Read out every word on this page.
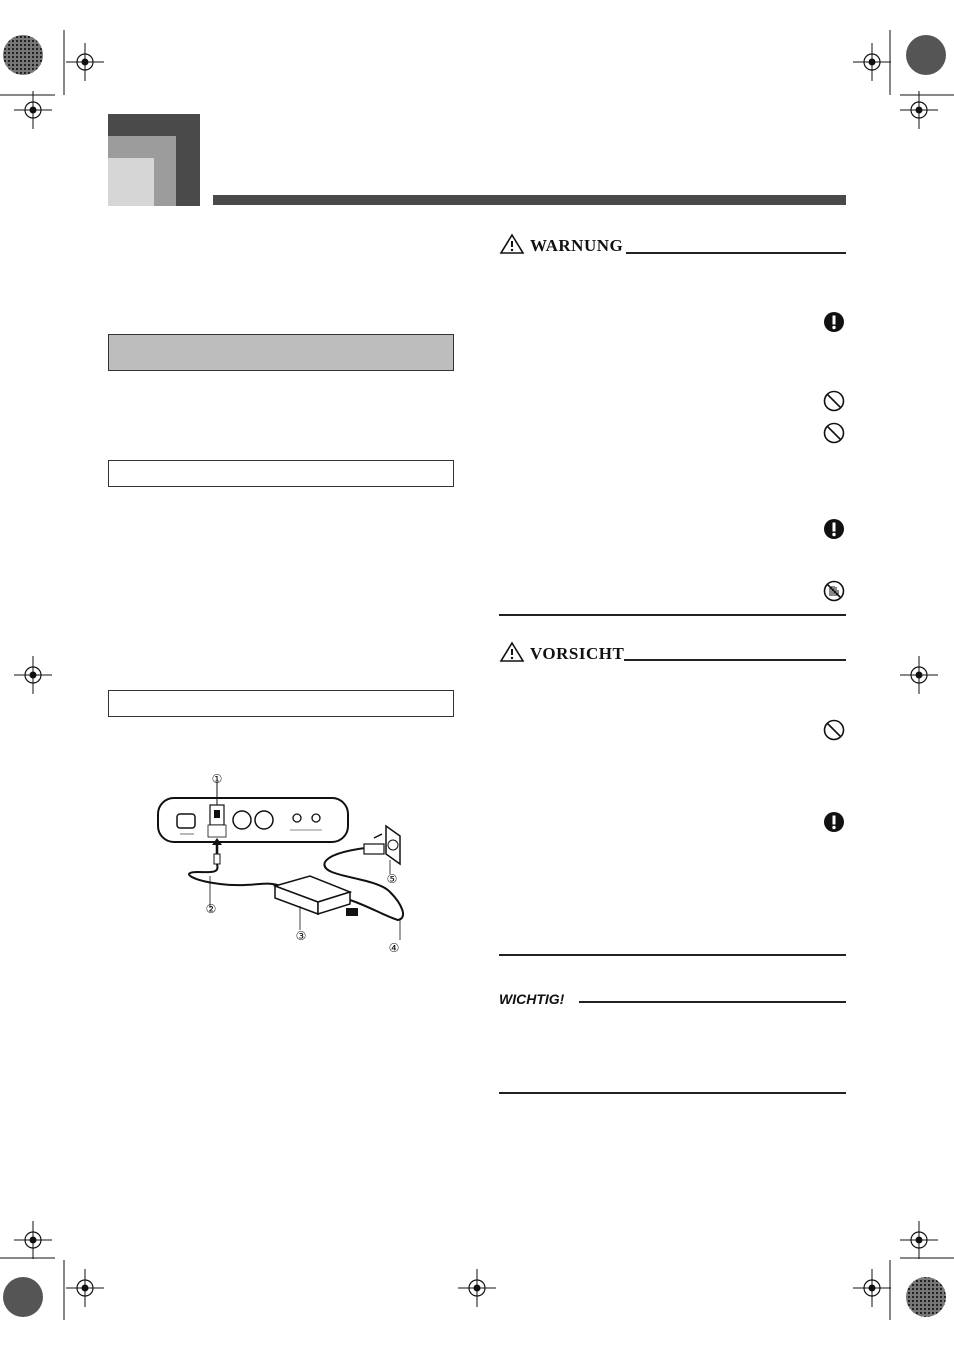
①
②
③
④
⑤
WARNUNG
VORSICHT
WICHTIG!
